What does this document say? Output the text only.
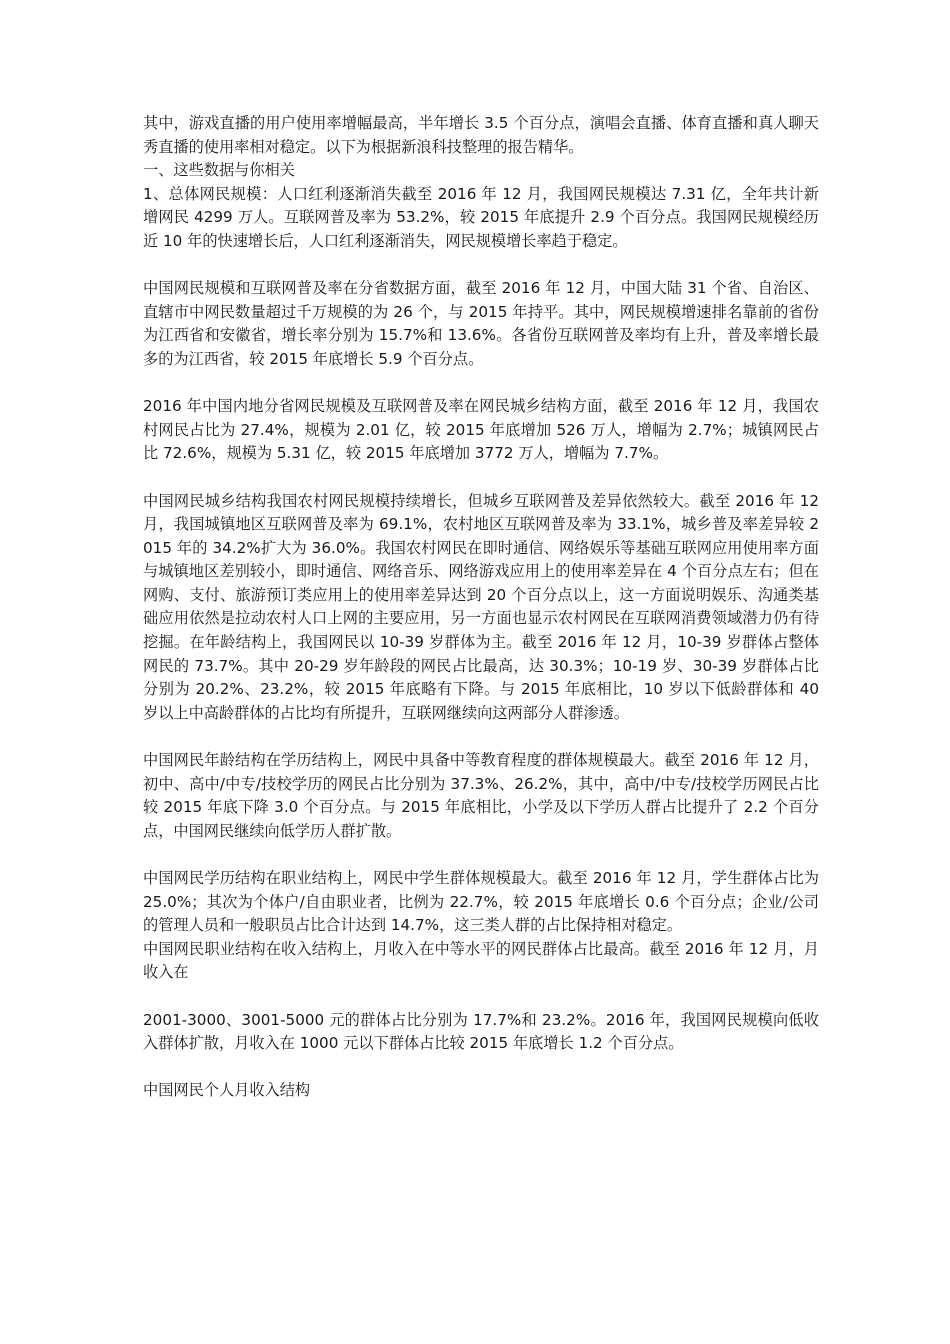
其中，游戏直播的用户使用率增幅最高，半年增长 3.5 个百分点，演唱会直播、体育直播和真人聊天秀直播的使用率相对稳定。以下为根据新浪科技整理的报告精华。

一、这些数据与你相关

1、总体网民规模：人口红利逐渐消失截至 2016 年 12 月，我国网民规模达 7.31 亿，全年共计新增网民 4299 万人。互联网普及率为 53.2%，较 2015 年底提升 2.9 个百分点。我国网民规模经历近 10 年的快速增长后，人口红利逐渐消失，网民规模增长率趋于稳定。

中国网民规模和互联网普及率在分省数据方面，截至 2016 年 12 月，中国大陆 31 个省、自治区、直辖市中网民数量超过千万规模的为 26 个，与 2015 年持平。其中，网民规模增速排名靠前的省份为江西省和安徽省，增长率分别为 15.7%和 13.6%。各省份互联网普及率均有上升，普及率增长最多的为江西省，较 2015 年底增长 5.9 个百分点。

2016 年中国内地分省网民规模及互联网普及率在网民城乡结构方面，截至 2016 年 12 月，我国农村网民占比为 27.4%，规模为 2.01 亿，较 2015 年底增加 526 万人，增幅为 2.7%；城镇网民占比 72.6%，规模为 5.31 亿，较 2015 年底增加 3772 万人，增幅为 7.7%。

中国网民城乡结构我国农村网民规模持续增长，但城乡互联网普及差异依然较大。截至 2016 年 12 月，我国城镇地区互联网普及率为 69.1%，农村地区互联网普及率为 33.1%，城乡普及率差异较 2015 年的 34.2%扩大为 36.0%。我国农村网民在即时通信、网络娱乐等基础互联网应用使用率方面与城镇地区差别较小，即时通信、网络音乐、网络游戏应用上的使用率差异在 4 个百分点左右；但在网购、支付、旅游预订类应用上的使用率差异达到 20 个百分点以上，这一方面说明娱乐、沟通类基础应用依然是拉动农村人口上网的主要应用，另一方面也显示农村网民在互联网消费领域潜力仍有待挖掘。在年龄结构上，我国网民以 10-39 岁群体为主。截至 2016 年 12 月，10-39 岁群体占整体网民的 73.7%。其中 20-29 岁年龄段的网民占比最高，达 30.3%；10-19 岁、30-39 岁群体占比分别为 20.2%、23.2%，较 2015 年底略有下降。与 2015 年底相比，10 岁以下低龄群体和 40 岁以上中高龄群体的占比均有所提升，互联网继续向这两部分人群渗透。

中国网民年龄结构在学历结构上，网民中具备中等教育程度的群体规模最大。截至 2016 年 12 月，初中、高中/中专/技校学历的网民占比分别为 37.3%、26.2%，其中，高中/中专/技校学历网民占比较 2015 年底下降 3.0 个百分点。与 2015 年底相比，小学及以下学历人群占比提升了 2.2 个百分点，中国网民继续向低学历人群扩散。

中国网民学历结构在职业结构上，网民中学生群体规模最大。截至 2016 年 12 月，学生群体占比为 25.0%；其次为个体户/自由职业者，比例为 22.7%，较 2015 年底增长 0.6 个百分点；企业/公司的管理人员和一般职员占比合计达到 14.7%，这三类人群的占比保持相对稳定。

中国网民职业结构在收入结构上，月收入在中等水平的网民群体占比最高。截至 2016 年 12 月，月收入在

2001-3000、3001-5000 元的群体占比分别为 17.7%和 23.2%。2016 年，我国网民规模向低收入群体扩散，月收入在 1000 元以下群体占比较 2015 年底增长 1.2 个百分点。

中国网民个人月收入结构
